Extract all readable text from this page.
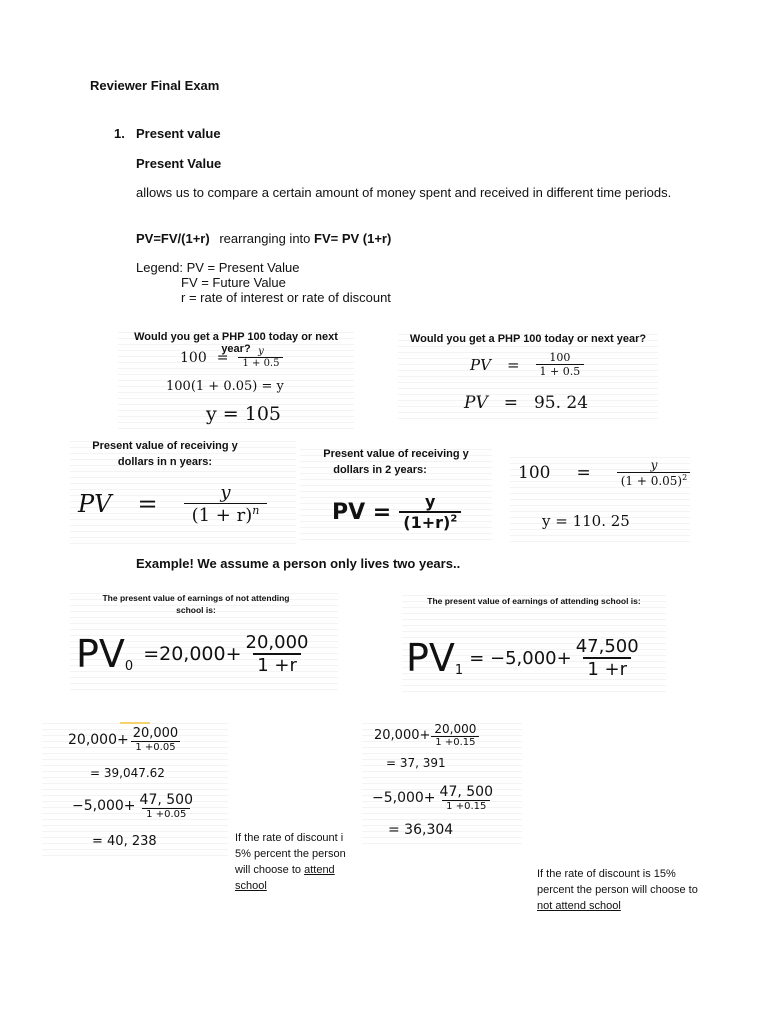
Reviewer Final Exam
1. Present value
Present Value
allows us to compare a certain amount of money spent and received in different time periods.
PV=FV/(1+r) rearranging into FV= PV (1+r)
Legend: PV = Present Value
FV = Future Value
r = rate of interest or rate of discount
Would you get a PHP 100 today or next year?
$100 = \frac{y}{1 + 0.5}$
100(1 + 0.05) = y
y = 105
Would you get a PHP 100 today or next year?
PV = $\frac{100}{1 + 0.5}$
PV = 95. 24
Present value of receiving y
dollars in n years:
PV = $\frac{y}{(1 + r)^n}$
Present value of receiving y
dollars in 2 years:
PV = $\frac{y}{(1+r)^2}$
$100 = \frac{y}{(1 + 0.05)^2}$
y = 110. 25
Example! We assume a person only lives two years..
The present value of earnings of not attending
school is:
$PV_0$
$=20,000+ \frac{20,000}{1 +r}$
The present value of earnings of attending school is:
$PV_1$
= $-5,000+ \frac{47,500}{1 +r}$
$20,000+ \frac{20,000}{1 +0.05}$
= 39,047.62
$-5,000+ \frac{47, 500}{1 +0.05}$
= 40, 238
$20,000+ \frac{20,000}{1 +0.15}$
= 37, 391
$-5,000+ \frac{47, 500}{1 +0.15}$
= 36,304
If the rate of discount i
5% percent the person
will choose to attend
school
If the rate of discount is 15%
percent the person will choose to
not attend school
